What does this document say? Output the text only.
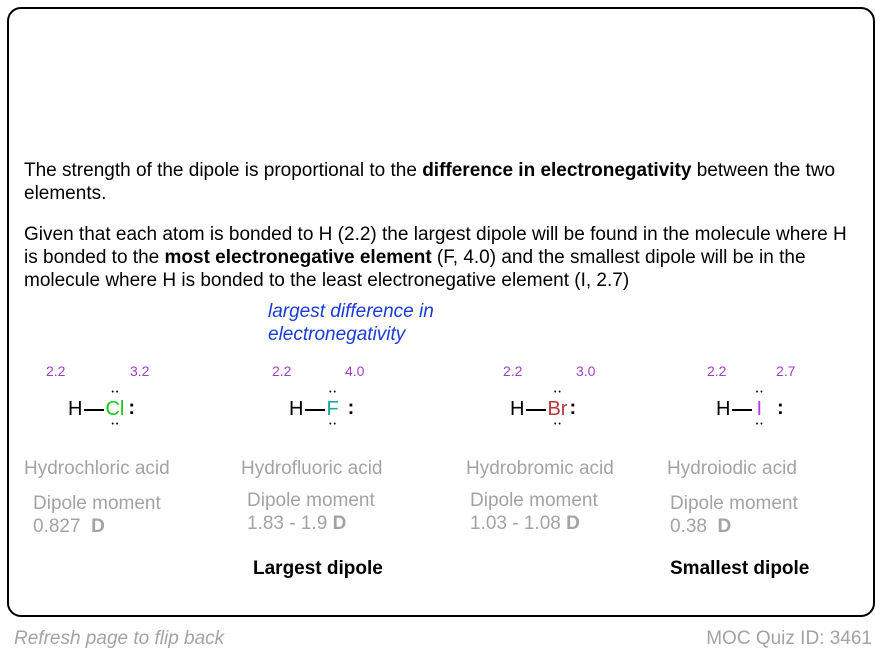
The strength of the dipole is proportional to the difference in electronegativity between the two elements.

Given that each atom is bonded to H (2.2) the largest dipole will be found in the molecule where H is bonded to the most electronegative element (F, 4.0) and the smallest dipole will be in the molecule where H is bonded to the least electronegative element (I, 2.7)

largest difference in electronegativity
2.2	3.2
H • • Cl • • :
Hydrochloric acid
Dipole moment
0.827 D
2.2	4.0
H • • F • • :
Hydrofluoric acid
Dipole moment
1.83 - 1.9 D
Largest dipole
2.2	3.0
H • • Br • • :
Hydrobromic acid
Dipole moment
1.03 - 1.08 D
2.2	2.7
H • • I • • :
Hydroiodic acid
Dipole moment
0.38 D
Smallest dipole
Refresh page to flip back	MOC Quiz ID: 3461
